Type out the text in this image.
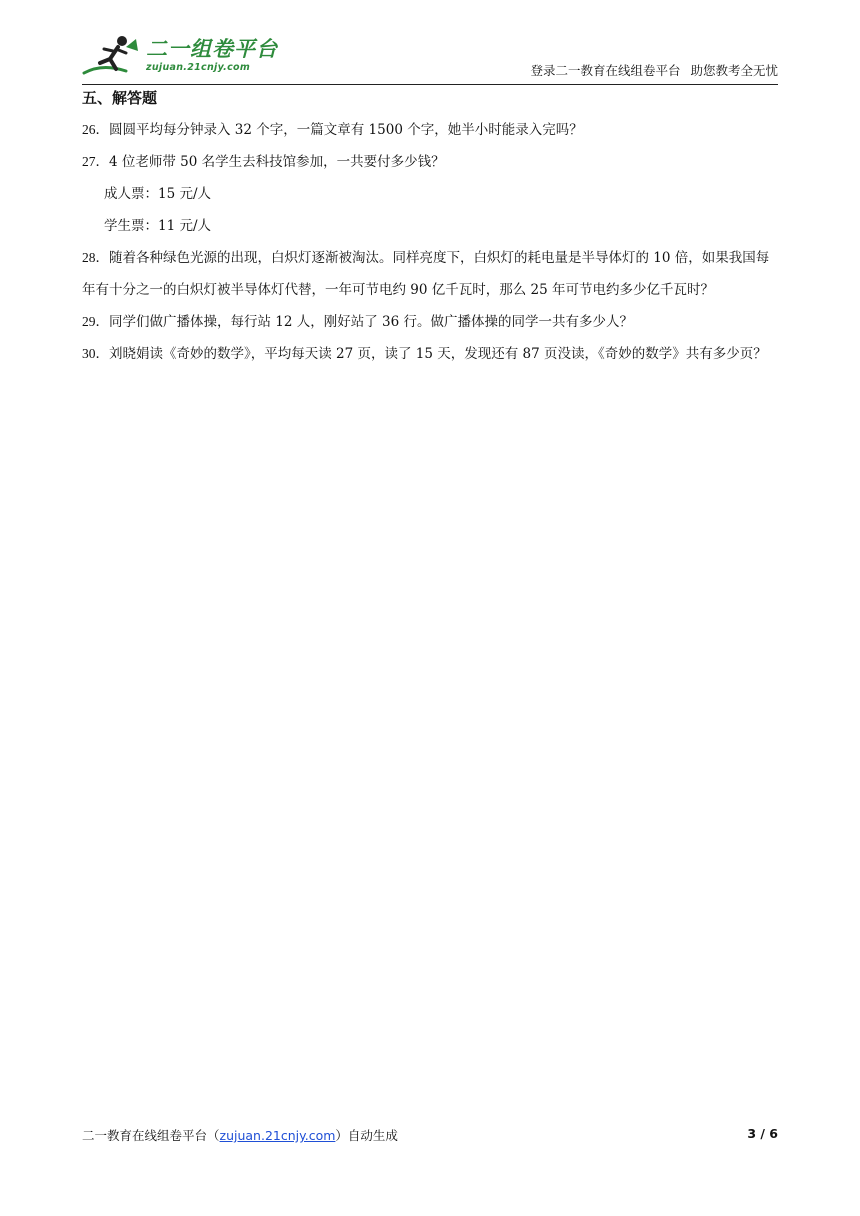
二一组卷平台
zujuan.21cnjy.com	登录二一教育在线组卷平台 助您教考全无忧
五、解答题

26．圆圆平均每分钟录入 32 个字，一篇文章有 1500 个字，她半小时能录入完吗？

27．4 位老师带 50 名学生去科技馆参加，一共要付多少钱？

成人票：15 元/人

学生票：11 元/人

28．随着各种绿色光源的出现，白炽灯逐渐被淘汰。同样亮度下，白炽灯的耗电量是半导体灯的 10 倍，如果我国每年有十分之一的白炽灯被半导体灯代替，一年可节电约 90 亿千瓦时，那么 25 年可节电约多少亿千瓦时？

29．同学们做广播体操，每行站 12 人，刚好站了 36 行。做广播体操的同学一共有多少人？

30．刘晓娟读《奇妙的数学》，平均每天读 27 页，读了 15 天，发现还有 87 页没读，《奇妙的数学》共有多少页？

二一教育在线组卷平台（zujuan.21cnjy.com）自动生成	3 / 6
